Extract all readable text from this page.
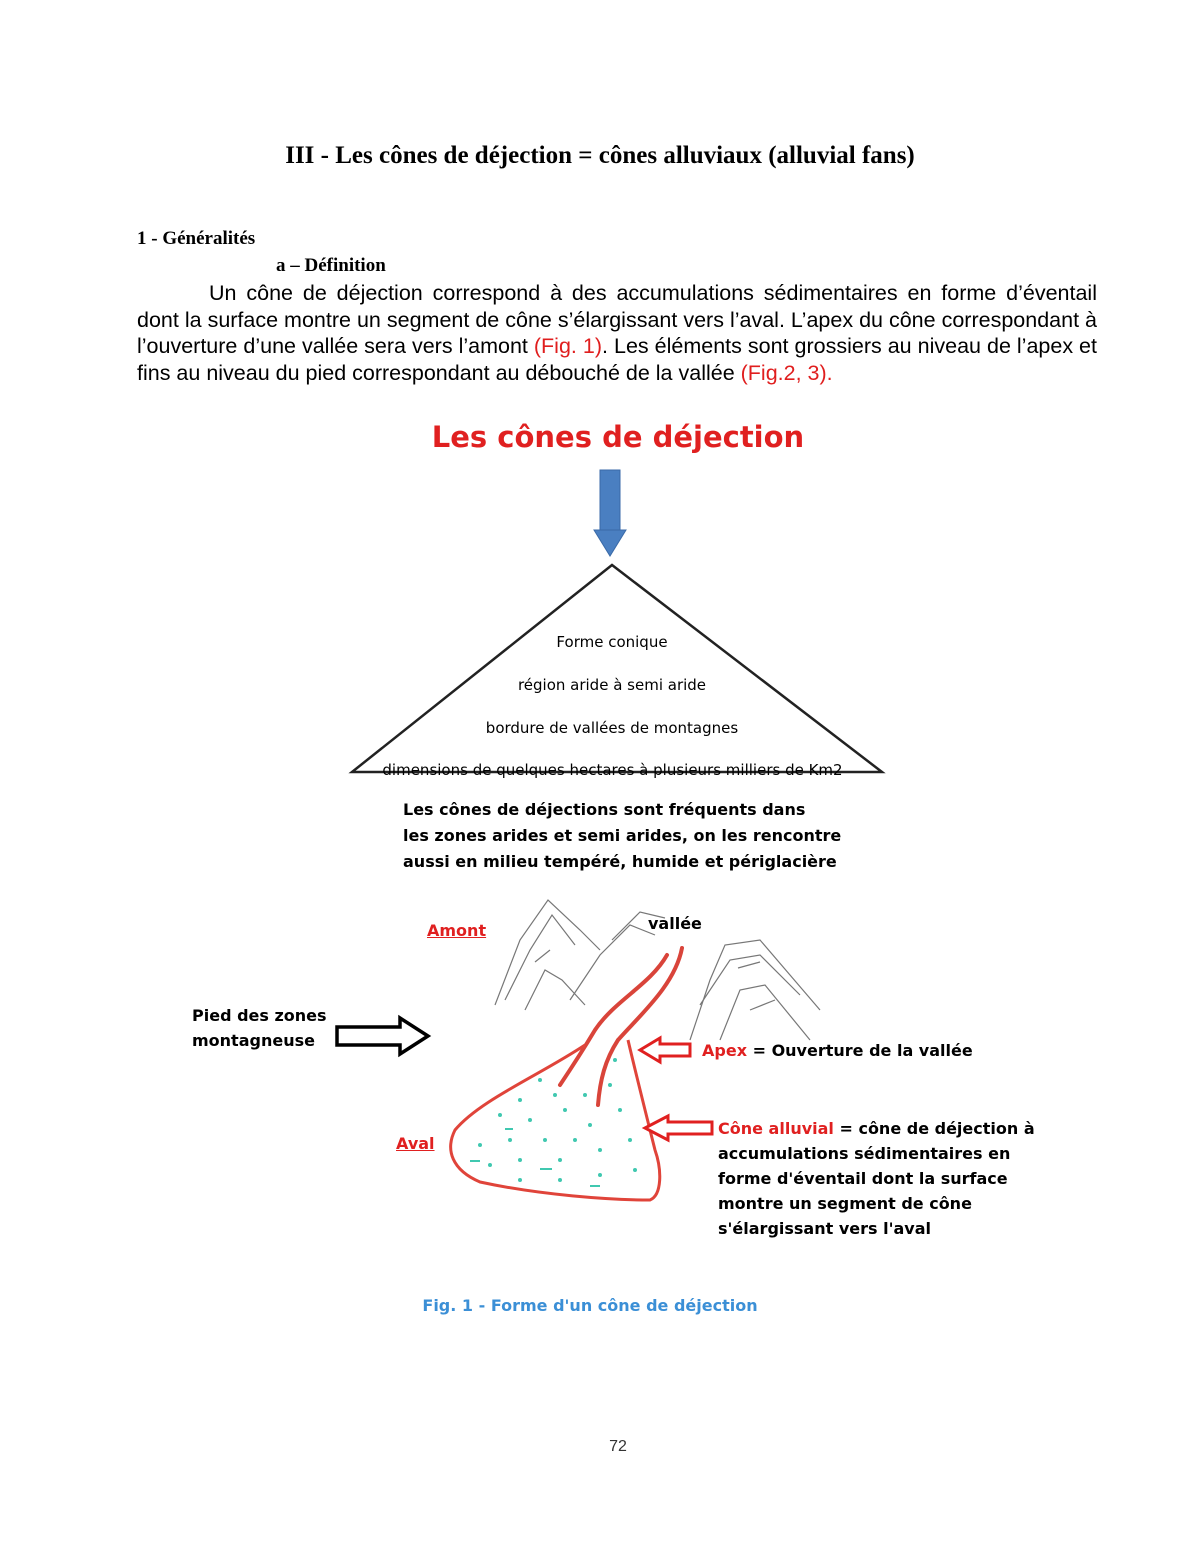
III - Les cônes de déjection = cônes alluviaux (alluvial fans)
1 - Généralités
a – Définition
Un cône de déjection correspond à des accumulations sédimentaires en forme d’éventail dont la surface montre un segment de cône s’élargissant vers l’aval. L’apex du cône correspondant à l’ouverture d’une vallée sera vers l’amont (Fig. 1). Les éléments sont grossiers au niveau de l’apex et fins au niveau du pied correspondant au débouché de la vallée (Fig.2, 3).
Les cônes de déjection
Forme conique
région aride à semi aride
bordure de vallées de montagnes
dimensions de quelques hectares à plusieurs milliers de Km2
Les cônes de déjections sont fréquents dans
les zones arides et semi arides, on les rencontre
aussi en milieu tempéré, humide et périglacière
Amont	vallée
Pied des zones
montagneuse
Apex = Ouverture de la vallée
Aval
Cône alluvial = cône de déjection à
accumulations sédimentaires en
forme d'éventail dont la surface
montre un segment de cône
s'élargissant vers l'aval
Fig. 1 - Forme d'un cône de déjection
72
